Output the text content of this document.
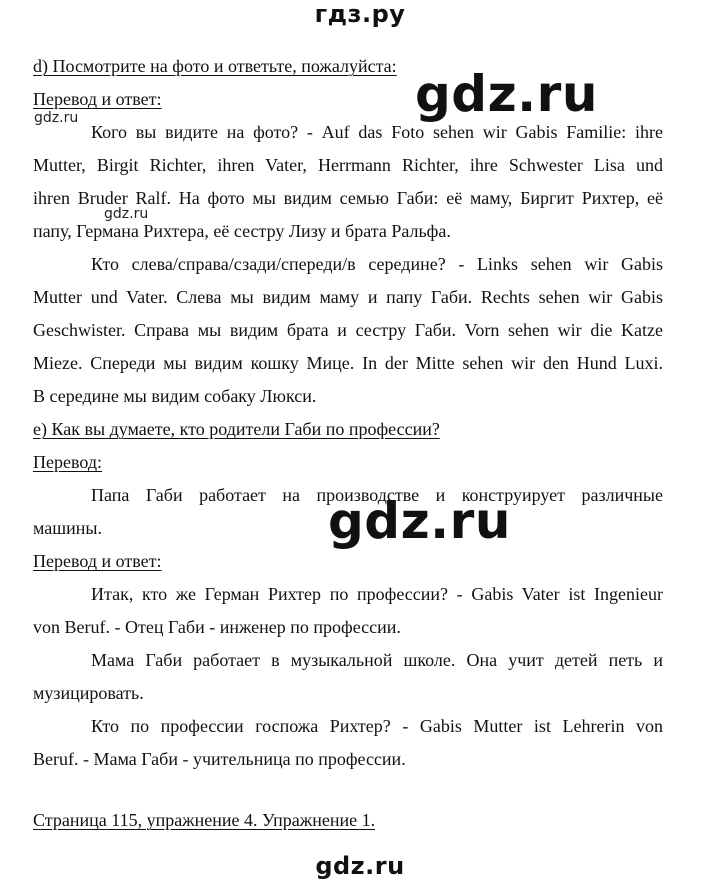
гдз.ру
d) Посмотрите на фото и ответьте, пожалуйста:
Перевод и ответ:

Кого вы видите на фото? - Auf das Foto sehen wir Gabis Familie: ihre

Mutter, Birgit Richter, ihren Vater, Herrmann Richter, ihre Schwester Lisa und

ihren Bruder Ralf. На фото мы видим семью Габи: её маму, Биргит Рихтер, её

папу, Германа Рихтера, её сестру Лизу и брата Ральфа.

Кто слева/справа/сзади/спереди/в середине? - Links sehen wir Gabis

Mutter und Vater. Слева мы видим маму и папу Габи. Rechts sehen wir Gabis

Geschwister. Справа мы видим брата и сестру Габи. Vorn sehen wir die Katze

Mieze. Спереди мы видим кошку Мице. In der Mitte sehen wir den Hund Luxi.

В середине мы видим собаку Люкси.

e) Как вы думаете, кто родители Габи по профессии?
Перевод:

Папа Габи работает на производстве и конструирует различные

машины.

Перевод и ответ:

Итак, кто же Герман Рихтер по профессии? - Gabis Vater ist Ingenieur

von Beruf. - Отец Габи - инженер по профессии.

Мама Габи работает в музыкальной школе. Она учит детей петь и

музицировать.

Кто по профессии госпожа Рихтер? - Gabis Mutter ist Lehrerin von

Beruf. - Мама Габи - учительница по профессии.

Страница 115, упражнение 4. Упражнение 1.
gdz.ru
gdz.ru
gdz.ru
gdz.ru
gdz.ru
